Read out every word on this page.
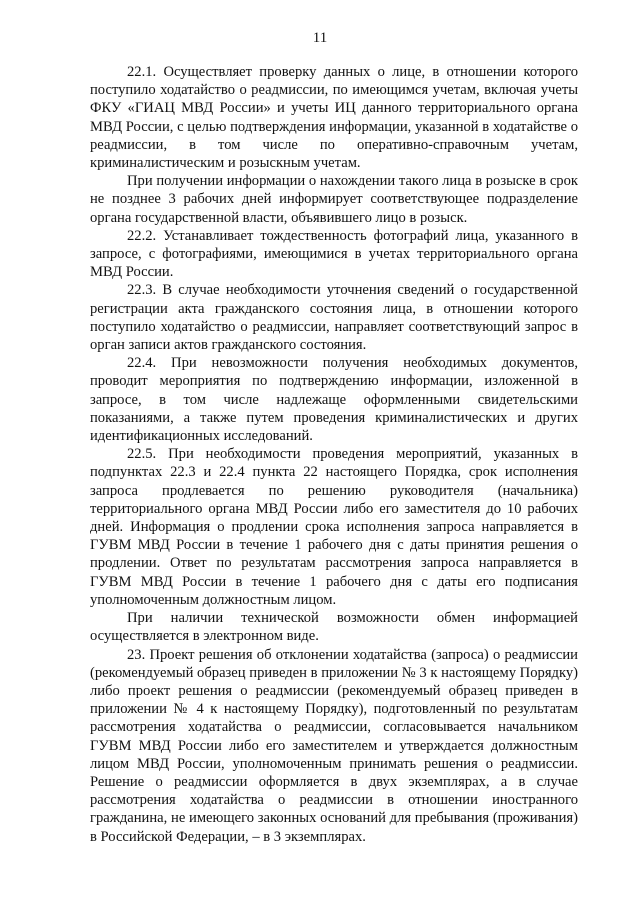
11

22.1. Осуществляет проверку данных о лице, в отношении которого поступило ходатайство о реадмиссии, по имеющимся учетам, включая учеты ФКУ «ГИАЦ МВД России» и учеты ИЦ данного территориального органа МВД России, с целью подтверждения информации, указанной в ходатайстве о реадмиссии, в том числе по оперативно-справочным учетам, криминалистическим и розыскным учетам.

При получении информации о нахождении такого лица в розыске в срок не позднее 3 рабочих дней информирует соответствующее подразделение органа государственной власти, объявившего лицо в розыск.

22.2. Устанавливает тождественность фотографий лица, указанного в запросе, с фотографиями, имеющимися в учетах территориального органа МВД России.

22.3. В случае необходимости уточнения сведений о государственной регистрации акта гражданского состояния лица, в отношении которого поступило ходатайство о реадмиссии, направляет соответствующий запрос в орган записи актов гражданского состояния.

22.4. При невозможности получения необходимых документов, проводит мероприятия по подтверждению информации, изложенной в запросе, в том числе надлежаще оформленными свидетельскими показаниями, а также путем проведения криминалистических и других идентификационных исследований.

22.5. При необходимости проведения мероприятий, указанных в подпунктах 22.3 и 22.4 пункта 22 настоящего Порядка, срок исполнения запроса продлевается по решению руководителя (начальника) территориального органа МВД России либо его заместителя до 10 рабочих дней. Информация о продлении срока исполнения запроса направляется в ГУВМ МВД России в течение 1 рабочего дня с даты принятия решения о продлении. Ответ по результатам рассмотрения запроса направляется в ГУВМ МВД России в течение 1 рабочего дня с даты его подписания уполномоченным должностным лицом.

При наличии технической возможности обмен информацией осуществляется в электронном виде.

23. Проект решения об отклонении ходатайства (запроса) о реадмиссии (рекомендуемый образец приведен в приложении № 3 к настоящему Порядку) либо проект решения о реадмиссии (рекомендуемый образец приведен в приложении № 4 к настоящему Порядку), подготовленный по результатам рассмотрения ходатайства о реадмиссии, согласовывается начальником ГУВМ МВД России либо его заместителем и утверждается должностным лицом МВД России, уполномоченным принимать решения о реадмиссии. Решение о реадмиссии оформляется в двух экземплярах, а в случае рассмотрения ходатайства о реадмиссии в отношении иностранного гражданина, не имеющего законных оснований для пребывания (проживания) в Российской Федерации, – в 3 экземплярах.
